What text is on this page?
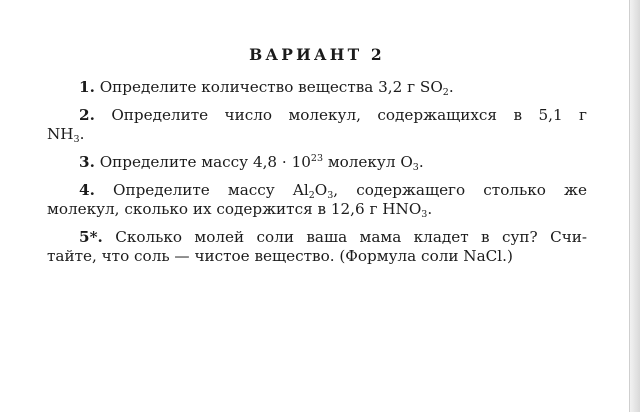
ВАРИАНТ 2

1. Определите количество вещества 3,2 г $SO_2$.

2. Определите число молекул, содержащихся в 5,1 г
$NH_3$.

3. Определите массу $4,8 \cdot 10^{23}$ молекул $O_3$.

4. Определите массу $Al_2O_3$, содержащего столько же
молекул, сколько их содержится в 12,6 г $HNO_3$.

5*. Сколько молей соли ваша мама кладет в суп? Счи-
тайте, что соль — чистое вещество. (Формула соли NaCl.)
